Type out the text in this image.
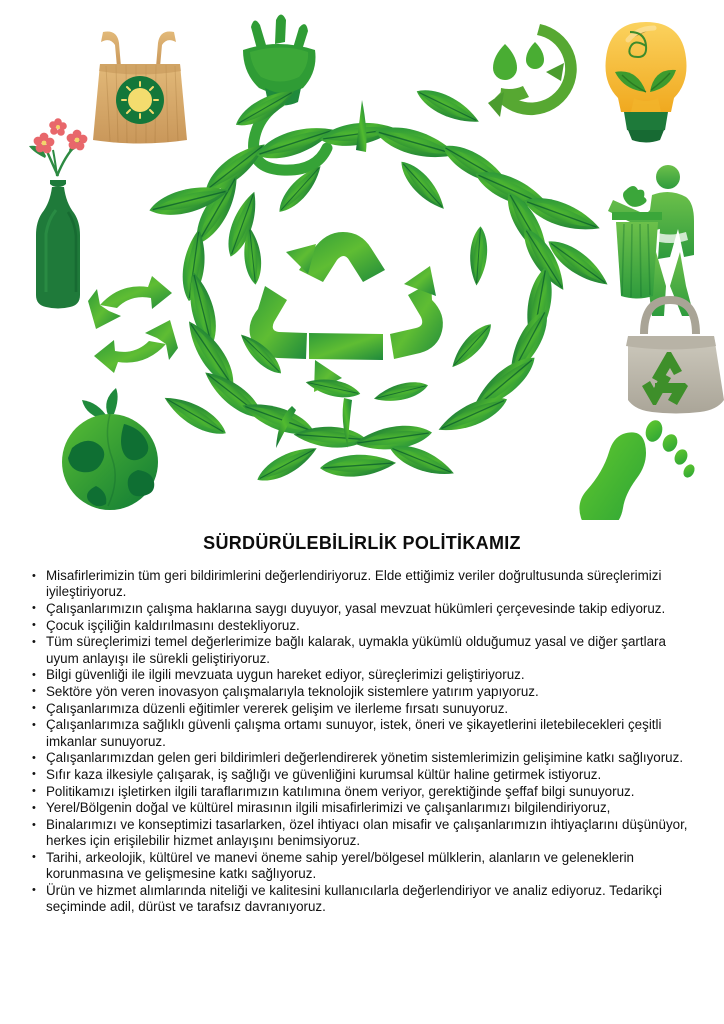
SÜRDÜRÜLEBİLİRLİK POLİTİKAMIZ
• Misafirlerimizin tüm geri bildirimlerini değerlendiriyoruz. Elde ettiğimiz veriler doğrultusunda süreçlerimizi iyileştiriyoruz.
• Çalışanlarımızın çalışma haklarına saygı duyuyor, yasal mevzuat hükümleri çerçevesinde takip ediyoruz.
• Çocuk işçiliğin kaldırılmasını destekliyoruz.
• Tüm süreçlerimizi temel değerlerimize bağlı kalarak, uymakla yükümlü olduğumuz yasal ve diğer şartlara uyum anlayışı ile sürekli geliştiriyoruz.
• Bilgi güvenliği ile ilgili mevzuata uygun hareket ediyor, süreçlerimizi geliştiriyoruz.
• Sektöre yön veren inovasyon çalışmalarıyla teknolojik sistemlere yatırım yapıyoruz.
• Çalışanlarımıza düzenli eğitimler vererek gelişim ve ilerleme fırsatı sunuyoruz.
• Çalışanlarımıza sağlıklı güvenli çalışma ortamı sunuyor, istek, öneri ve şikayetlerini iletebilecekleri çeşitli imkanlar sunuyoruz.
• Çalışanlarımızdan gelen geri bildirimleri değerlendirerek yönetim sistemlerimizin gelişimine katkı sağlıyoruz.
• Sıfır kaza ilkesiyle çalışarak, iş sağlığı ve güvenliğini kurumsal kültür haline getirmek istiyoruz.
• Politikamızı işletirken ilgili taraflarımızın katılımına önem veriyor, gerektiğinde şeffaf bilgi sunuyoruz.
• Yerel/Bölgenin doğal ve kültürel mirasının ilgili misafirlerimizi ve çalışanlarımızı bilgilendiriyoruz,
• Binalarımızı ve konseptimizi tasarlarken, özel ihtiyacı olan misafir ve çalışanlarımızın ihtiyaçlarını düşünüyor, herkes için erişilebilir hizmet anlayışını benimsiyoruz.
• Tarihi, arkeolojik, kültürel ve manevi öneme sahip yerel/bölgesel mülklerin, alanların ve geleneklerin korunmasına ve gelişmesine katkı sağlıyoruz.
• Ürün ve hizmet alımlarında niteliği ve kalitesini kullanıcılarla değerlendiriyor ve analiz ediyoruz. Tedarikçi seçiminde adil, dürüst ve tarafsız davranıyoruz.
